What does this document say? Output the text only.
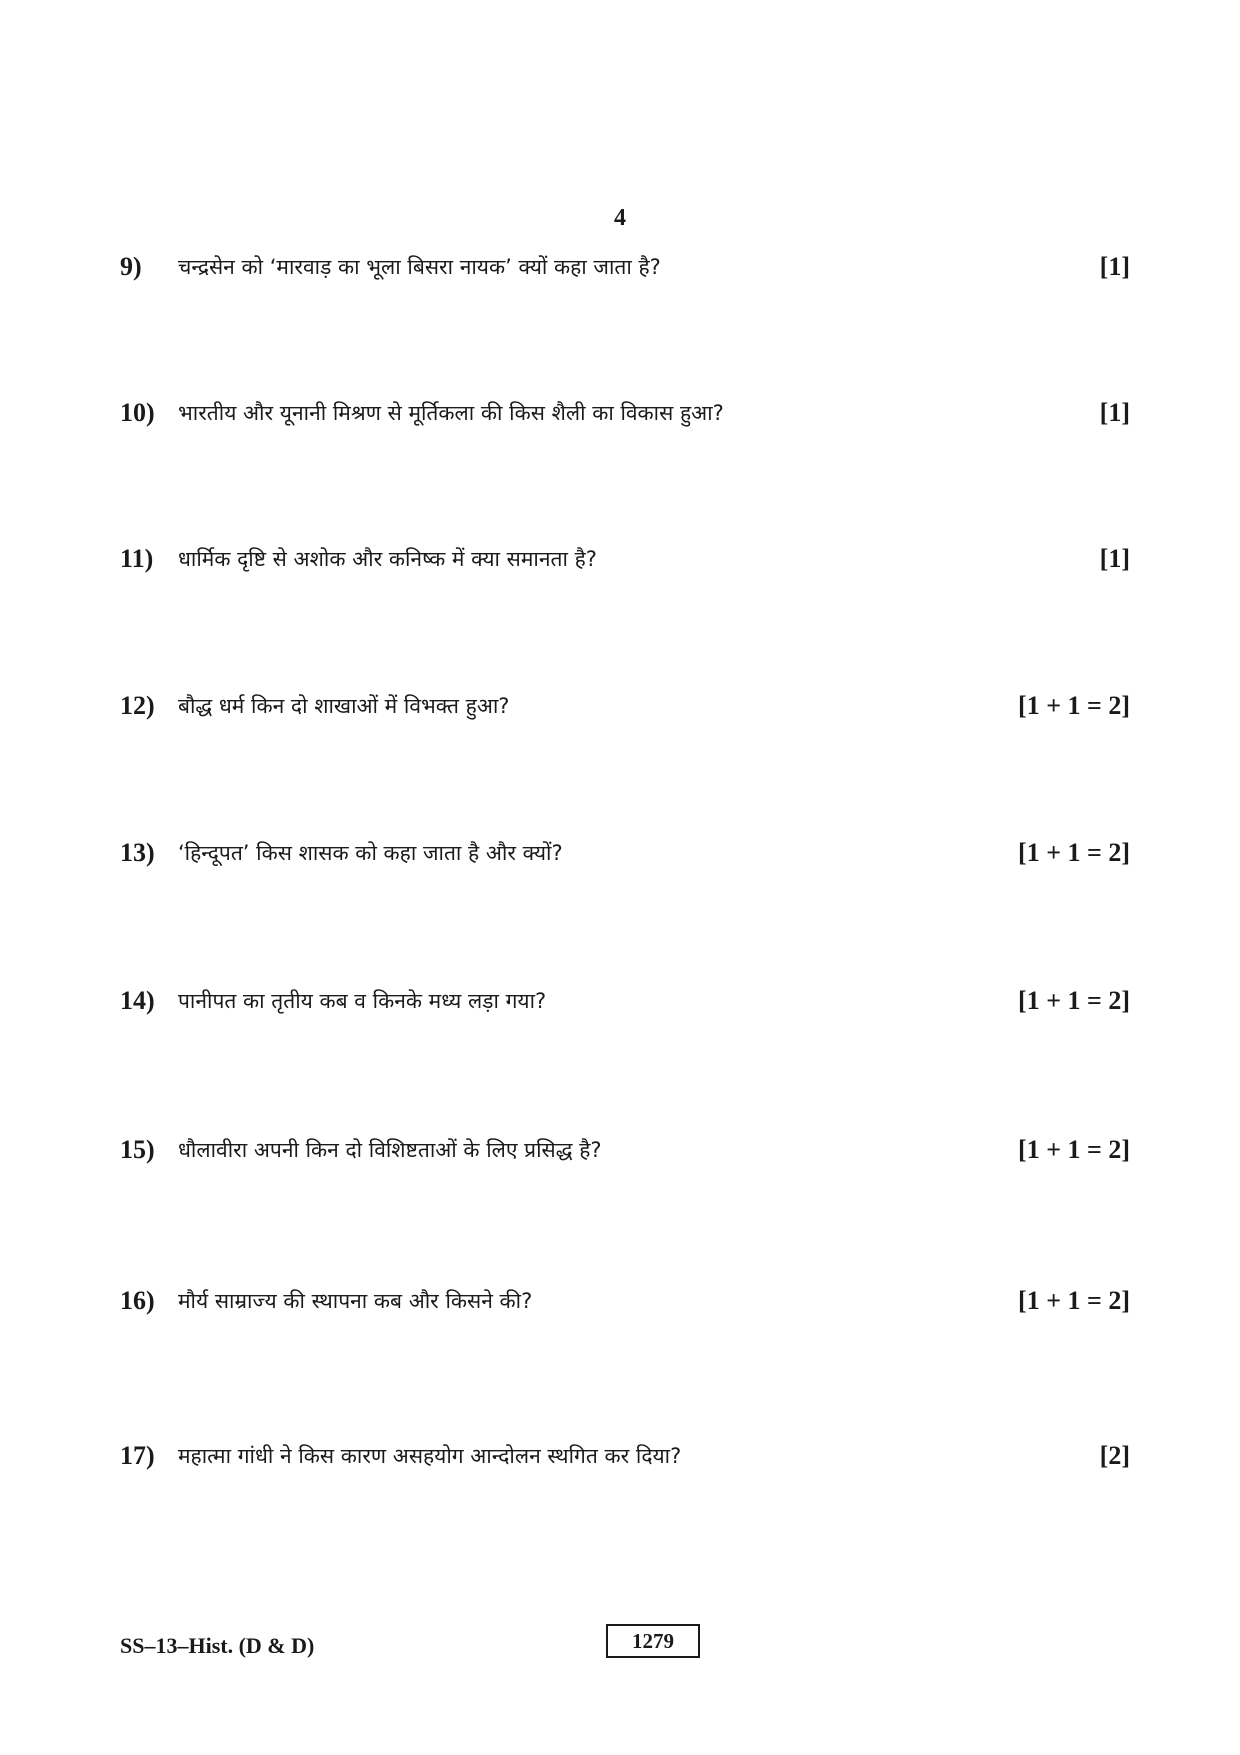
4
9) चन्द्रसेन को ‘मारवाड़ का भूला बिसरा नायक’ क्यों कहा जाता है?	[1]
10) भारतीय और यूनानी मिश्रण से मूर्तिकला की किस शैली का विकास हुआ?	[1]
11) धार्मिक दृष्टि से अशोक और कनिष्क में क्या समानता है?	[1]
12) बौद्ध धर्म किन दो शाखाओं में विभक्त हुआ?	[1 + 1 = 2]
13) ‘हिन्दूपत’ किस शासक को कहा जाता है और क्यों?	[1 + 1 = 2]
14) पानीपत का तृतीय कब व किनके मध्य लड़ा गया?	[1 + 1 = 2]
15) धौलावीरा अपनी किन दो विशिष्टताओं के लिए प्रसिद्ध है?	[1 + 1 = 2]
16) मौर्य साम्राज्य की स्थापना कब और किसने की?	[1 + 1 = 2]
17) महात्मा गांधी ने किस कारण असहयोग आन्दोलन स्थगित कर दिया?	[2]
SS–13–Hist. (D & D)	1279
